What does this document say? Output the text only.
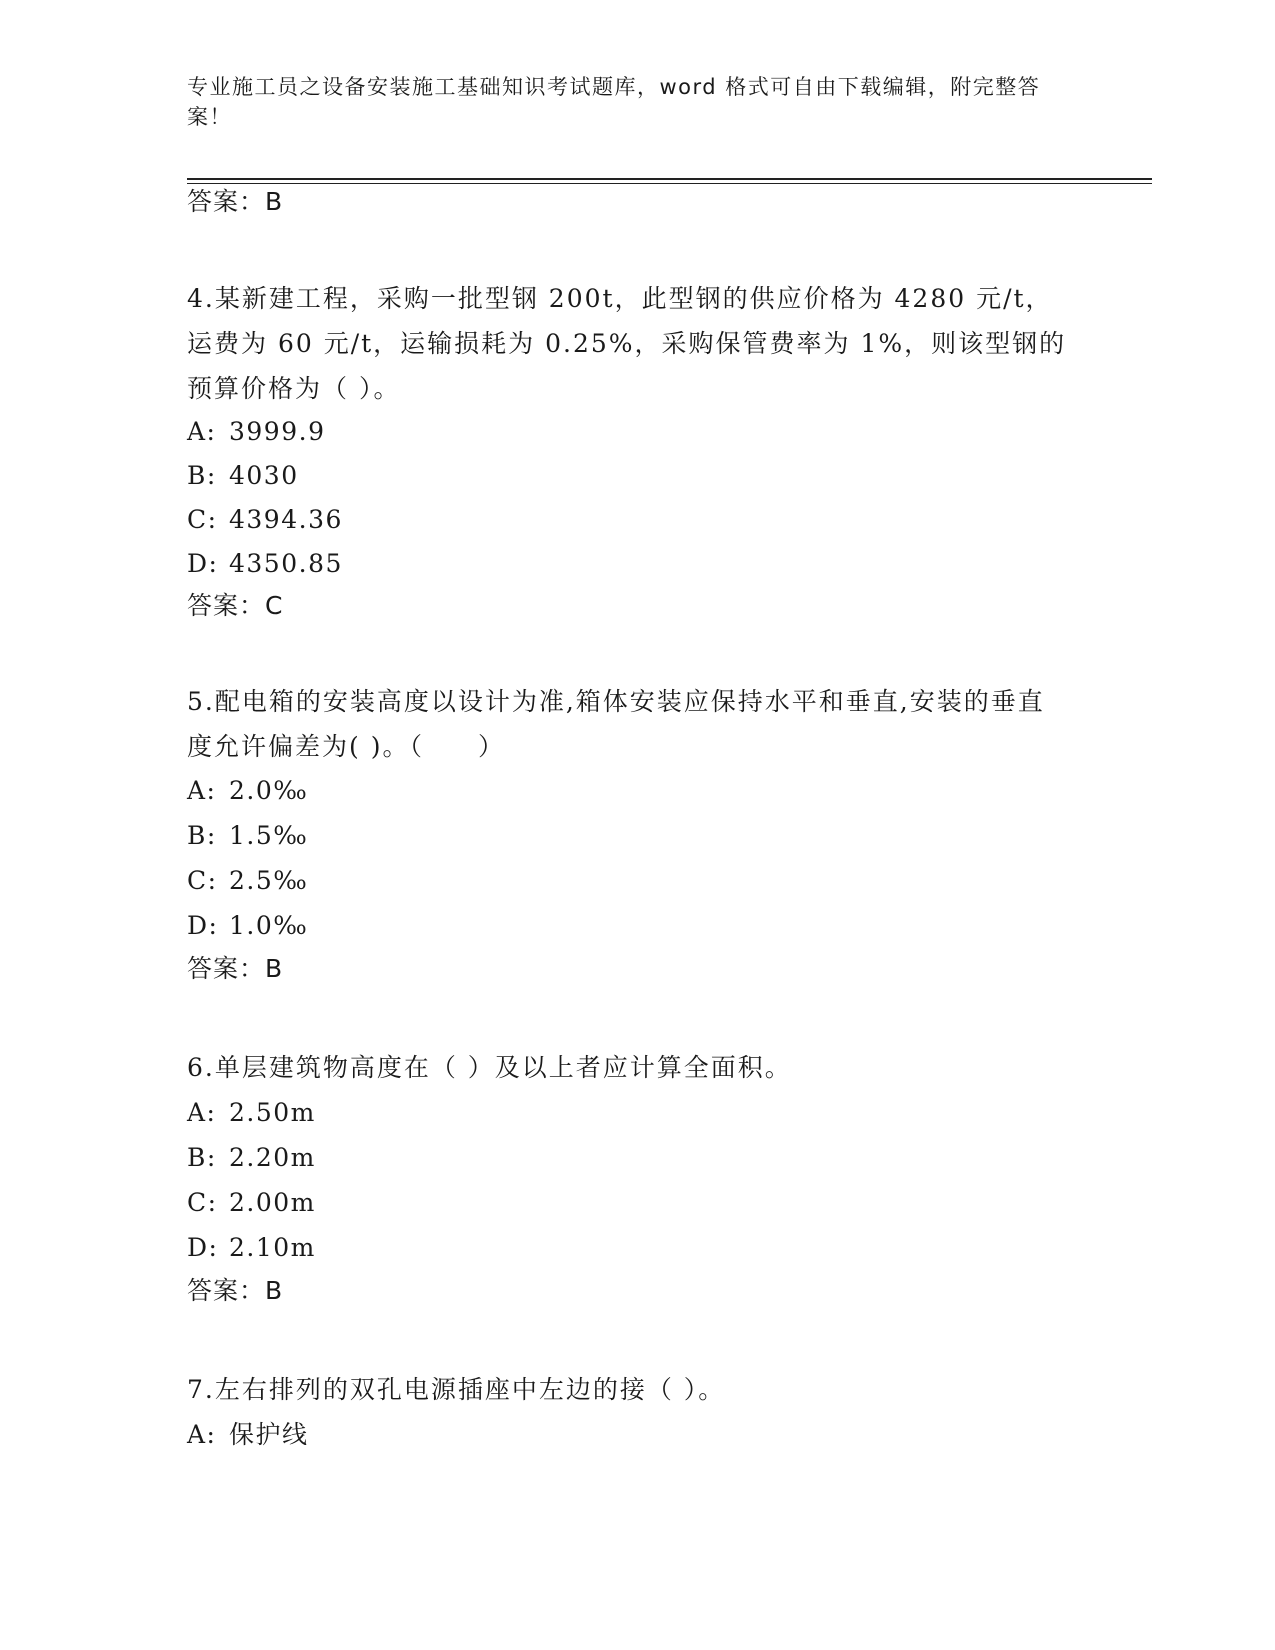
专业施工员之设备安装施工基础知识考试题库，word 格式可自由下载编辑，附完整答案！
答案：B
4.某新建工程，采购一批型钢 200t，此型钢的供应价格为 4280 元/t，运费为 60 元/t，运输损耗为 0.25%，采购保管费率为 1%，则该型钢的预算价格为（ ）。
A: 3999.9
B: 4030
C: 4394.36
D: 4350.85
答案：C
5.配电箱的安装高度以设计为准,箱体安装应保持水平和垂直,安装的垂直度允许偏差为( )。（　　）
A: 2.0‰
B: 1.5‰
C: 2.5‰
D: 1.0‰
答案：B
6.单层建筑物高度在（ ）及以上者应计算全面积。
A: 2.50m
B: 2.20m
C: 2.00m
D: 2.10m
答案：B
7.左右排列的双孔电源插座中左边的接（ ）。
A: 保护线
